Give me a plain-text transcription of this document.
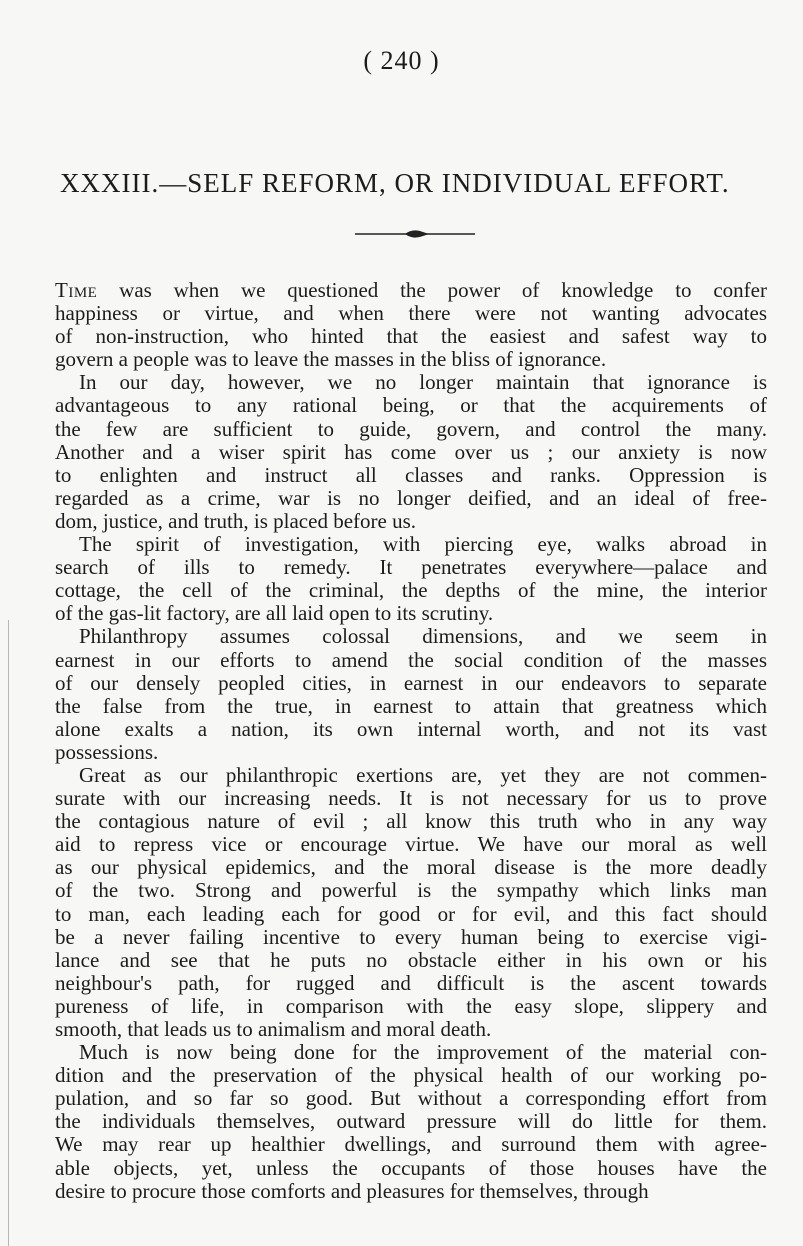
( 240 )
XXXIII.—SELF REFORM, OR INDIVIDUAL EFFORT.
Time was when we questioned the power of knowledge to confer
happiness or virtue, and when there were not wanting advocates
of non-instruction, who hinted that the easiest and safest way to
govern a people was to leave the masses in the bliss of ignorance.
In our day, however, we no longer maintain that ignorance is
advantageous to any rational being, or that the acquirements of
the few are sufficient to guide, govern, and control the many.
Another and a wiser spirit has come over us ; our anxiety is now
to enlighten and instruct all classes and ranks. Oppression is
regarded as a crime, war is no longer deified, and an ideal of free-
dom, justice, and truth, is placed before us.
The spirit of investigation, with piercing eye, walks abroad in
search of ills to remedy. It penetrates everywhere—palace and
cottage, the cell of the criminal, the depths of the mine, the interior
of the gas-lit factory, are all laid open to its scrutiny.
Philanthropy assumes colossal dimensions, and we seem in
earnest in our efforts to amend the social condition of the masses
of our densely peopled cities, in earnest in our endeavors to separate
the false from the true, in earnest to attain that greatness which
alone exalts a nation, its own internal worth, and not its vast
possessions.
Great as our philanthropic exertions are, yet they are not commen-
surate with our increasing needs. It is not necessary for us to prove
the contagious nature of evil ; all know this truth who in any way
aid to repress vice or encourage virtue. We have our moral as well
as our physical epidemics, and the moral disease is the more deadly
of the two. Strong and powerful is the sympathy which links man
to man, each leading each for good or for evil, and this fact should
be a never failing incentive to every human being to exercise vigi-
lance and see that he puts no obstacle either in his own or his
neighbour's path, for rugged and difficult is the ascent towards
pureness of life, in comparison with the easy slope, slippery and
smooth, that leads us to animalism and moral death.
Much is now being done for the improvement of the material con-
dition and the preservation of the physical health of our working po-
pulation, and so far so good. But without a corresponding effort from
the individuals themselves, outward pressure will do little for them.
We may rear up healthier dwellings, and surround them with agree-
able objects, yet, unless the occupants of those houses have the
desire to procure those comforts and pleasures for themselves, through
